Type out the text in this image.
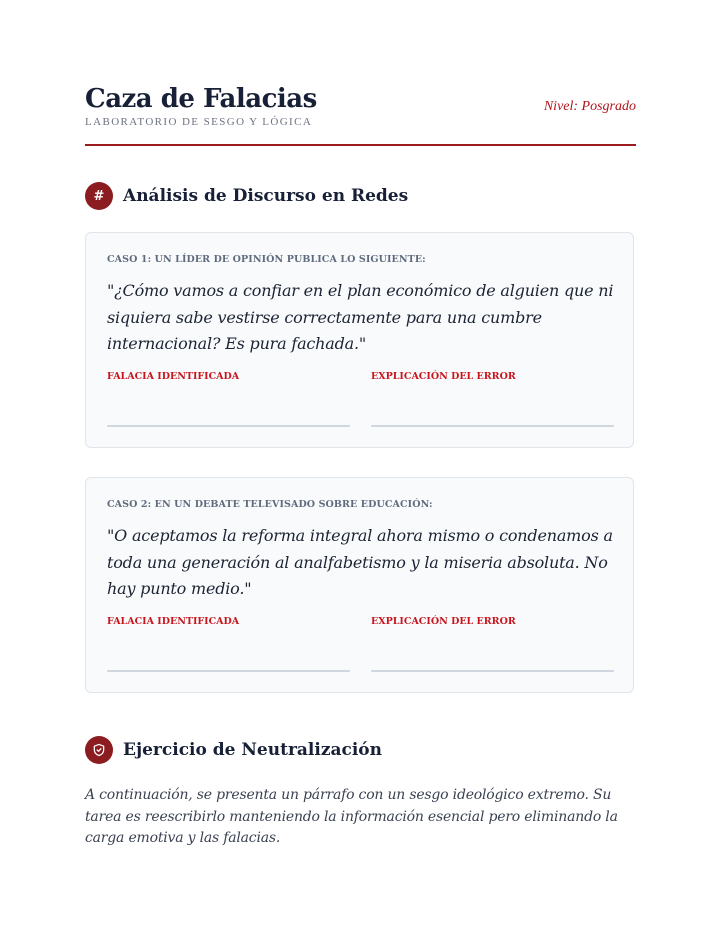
Caza de Falacias
LABORATORIO DE SESGO Y LÓGICA
Nivel: Posgrado
# Análisis de Discurso en Redes
CASO 1: UN LÍDER DE OPINIÓN PUBLICA LO SIGUIENTE:
"¿Cómo vamos a confiar en el plan económico de alguien que ni siquiera sabe vestirse correctamente para una cumbre internacional? Es pura fachada."
FALACIA IDENTIFICADA	EXPLICACIÓN DEL ERROR
CASO 2: EN UN DEBATE TELEVISADO SOBRE EDUCACIÓN:
"O aceptamos la reforma integral ahora mismo o condenamos a toda una generación al analfabetismo y la miseria absoluta. No hay punto medio."
FALACIA IDENTIFICADA	EXPLICACIÓN DEL ERROR
Ejercicio de Neutralización

A continuación, se presenta un párrafo con un sesgo ideológico extremo. Su tarea es reescribirlo manteniendo la información esencial pero eliminando la carga emotiva y las falacias.
